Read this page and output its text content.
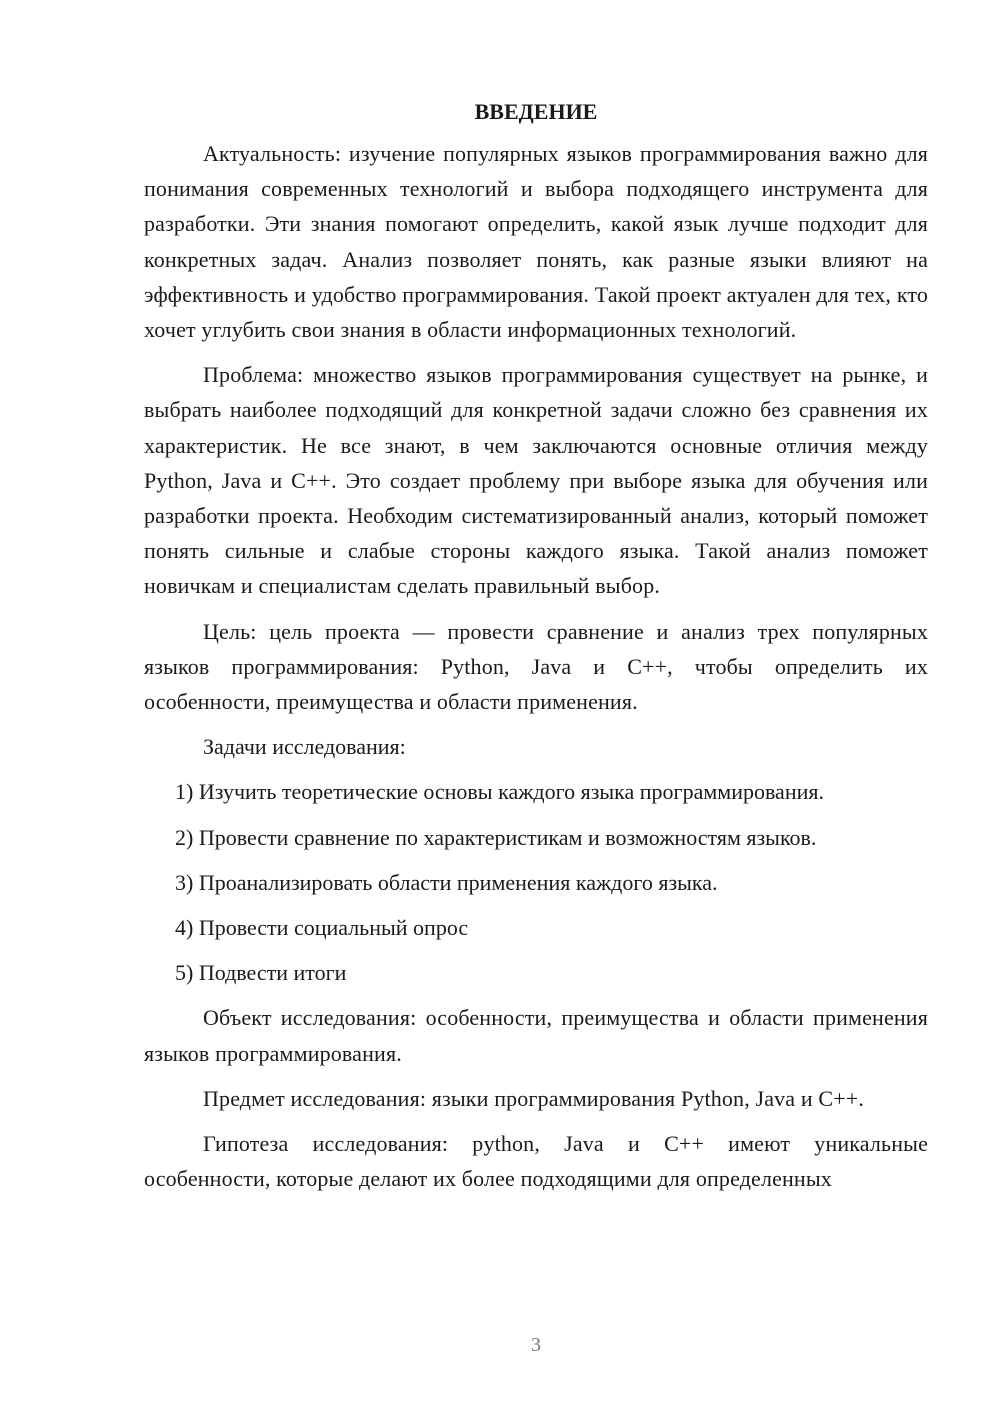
ВВЕДЕНИЕ

Актуальность: изучение популярных языков программирования важно для понимания современных технологий и выбора подходящего инструмента для разработки. Эти знания помогают определить, какой язык лучше подходит для конкретных задач. Анализ позволяет понять, как разные языки влияют на эффективность и удобство программирования. Такой проект актуален для тех, кто хочет углубить свои знания в области информационных технологий.

Проблема: множество языков программирования существует на рынке, и выбрать наиболее подходящий для конкретной задачи сложно без сравнения их характеристик. Не все знают, в чем заключаются основные отличия между Python, Java и C++. Это создает проблему при выборе языка для обучения или разработки проекта. Необходим систематизированный анализ, который поможет понять сильные и слабые стороны каждого языка. Такой анализ поможет новичкам и специалистам сделать правильный выбор.

Цель: цель проекта — провести сравнение и анализ трех популярных языков программирования: Python, Java и C++, чтобы определить их особенности, преимущества и области применения.

Задачи исследования:

1) Изучить теоретические основы каждого языка программирования.
2) Провести сравнение по характеристикам и возможностям языков.
3) Проанализировать области применения каждого языка.
4) Провести социальный опрос
5) Подвести итоги

Объект исследования: особенности, преимущества и области применения языков программирования.

Предмет исследования: языки программирования Python, Java и C++.

Гипотеза исследования: python, Java и C++ имеют уникальные особенности, которые делают их более подходящими для определенных

3
